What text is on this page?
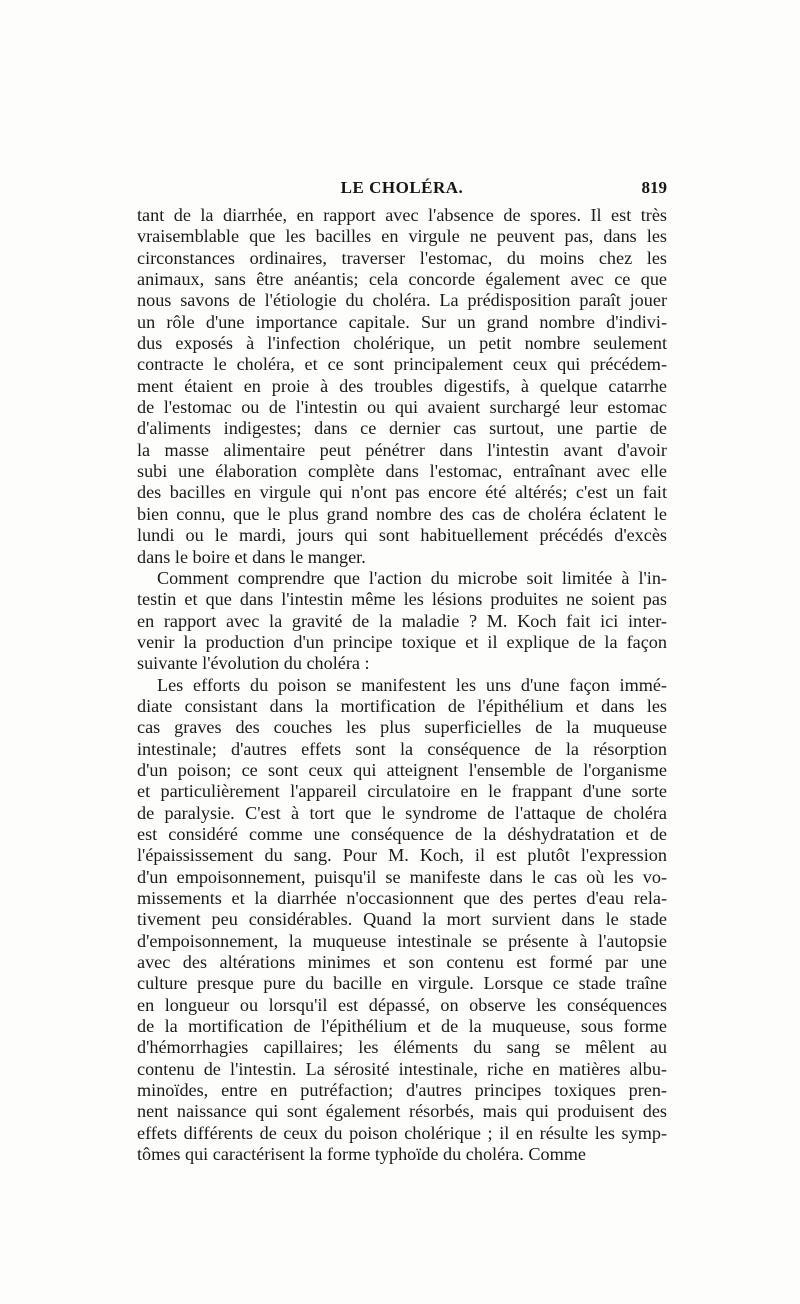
LE CHOLÉRA.	819

tant de la diarrhée, en rapport avec l'absence de spores. Il est très
vraisemblable que les bacilles en virgule ne peuvent pas, dans les
circonstances ordinaires, traverser l'estomac, du moins chez les
animaux, sans être anéantis; cela concorde également avec ce que
nous savons de l'étiologie du choléra. La prédisposition paraît jouer
un rôle d'une importance capitale. Sur un grand nombre d'indivi-
dus exposés à l'infection cholérique, un petit nombre seulement
contracte le choléra, et ce sont principalement ceux qui précédem-
ment étaient en proie à des troubles digestifs, à quelque catarrhe
de l'estomac ou de l'intestin ou qui avaient surchargé leur estomac
d'aliments indigestes; dans ce dernier cas surtout, une partie de
la masse alimentaire peut pénétrer dans l'intestin avant d'avoir
subi une élaboration complète dans l'estomac, entraînant avec elle
des bacilles en virgule qui n'ont pas encore été altérés; c'est un fait
bien connu, que le plus grand nombre des cas de choléra éclatent le
lundi ou le mardi, jours qui sont habituellement précédés d'excès
dans le boire et dans le manger.

Comment comprendre que l'action du microbe soit limitée à l'in-
testin et que dans l'intestin même les lésions produites ne soient pas
en rapport avec la gravité de la maladie ? M. Koch fait ici inter-
venir la production d'un principe toxique et il explique de la façon
suivante l'évolution du choléra :

Les efforts du poison se manifestent les uns d'une façon immé-
diate consistant dans la mortification de l'épithélium et dans les
cas graves des couches les plus superficielles de la muqueuse
intestinale; d'autres effets sont la conséquence de la résorption
d'un poison; ce sont ceux qui atteignent l'ensemble de l'organisme
et particulièrement l'appareil circulatoire en le frappant d'une sorte
de paralysie. C'est à tort que le syndrome de l'attaque de choléra
est considéré comme une conséquence de la déshydratation et de
l'épaississement du sang. Pour M. Koch, il est plutôt l'expression
d'un empoisonnement, puisqu'il se manifeste dans le cas où les vo-
missements et la diarrhée n'occasionnent que des pertes d'eau rela-
tivement peu considérables. Quand la mort survient dans le stade
d'empoisonnement, la muqueuse intestinale se présente à l'autopsie
avec des altérations minimes et son contenu est formé par une
culture presque pure du bacille en virgule. Lorsque ce stade traîne
en longueur ou lorsqu'il est dépassé, on observe les conséquences
de la mortification de l'épithélium et de la muqueuse, sous forme
d'hémorrhagies capillaires; les éléments du sang se mêlent au
contenu de l'intestin. La sérosité intestinale, riche en matières albu-
minoïdes, entre en putréfaction; d'autres principes toxiques pren-
nent naissance qui sont également résorbés, mais qui produisent des
effets différents de ceux du poison cholérique ; il en résulte les symp-
tômes qui caractérisent la forme typhoïde du choléra. Comme
